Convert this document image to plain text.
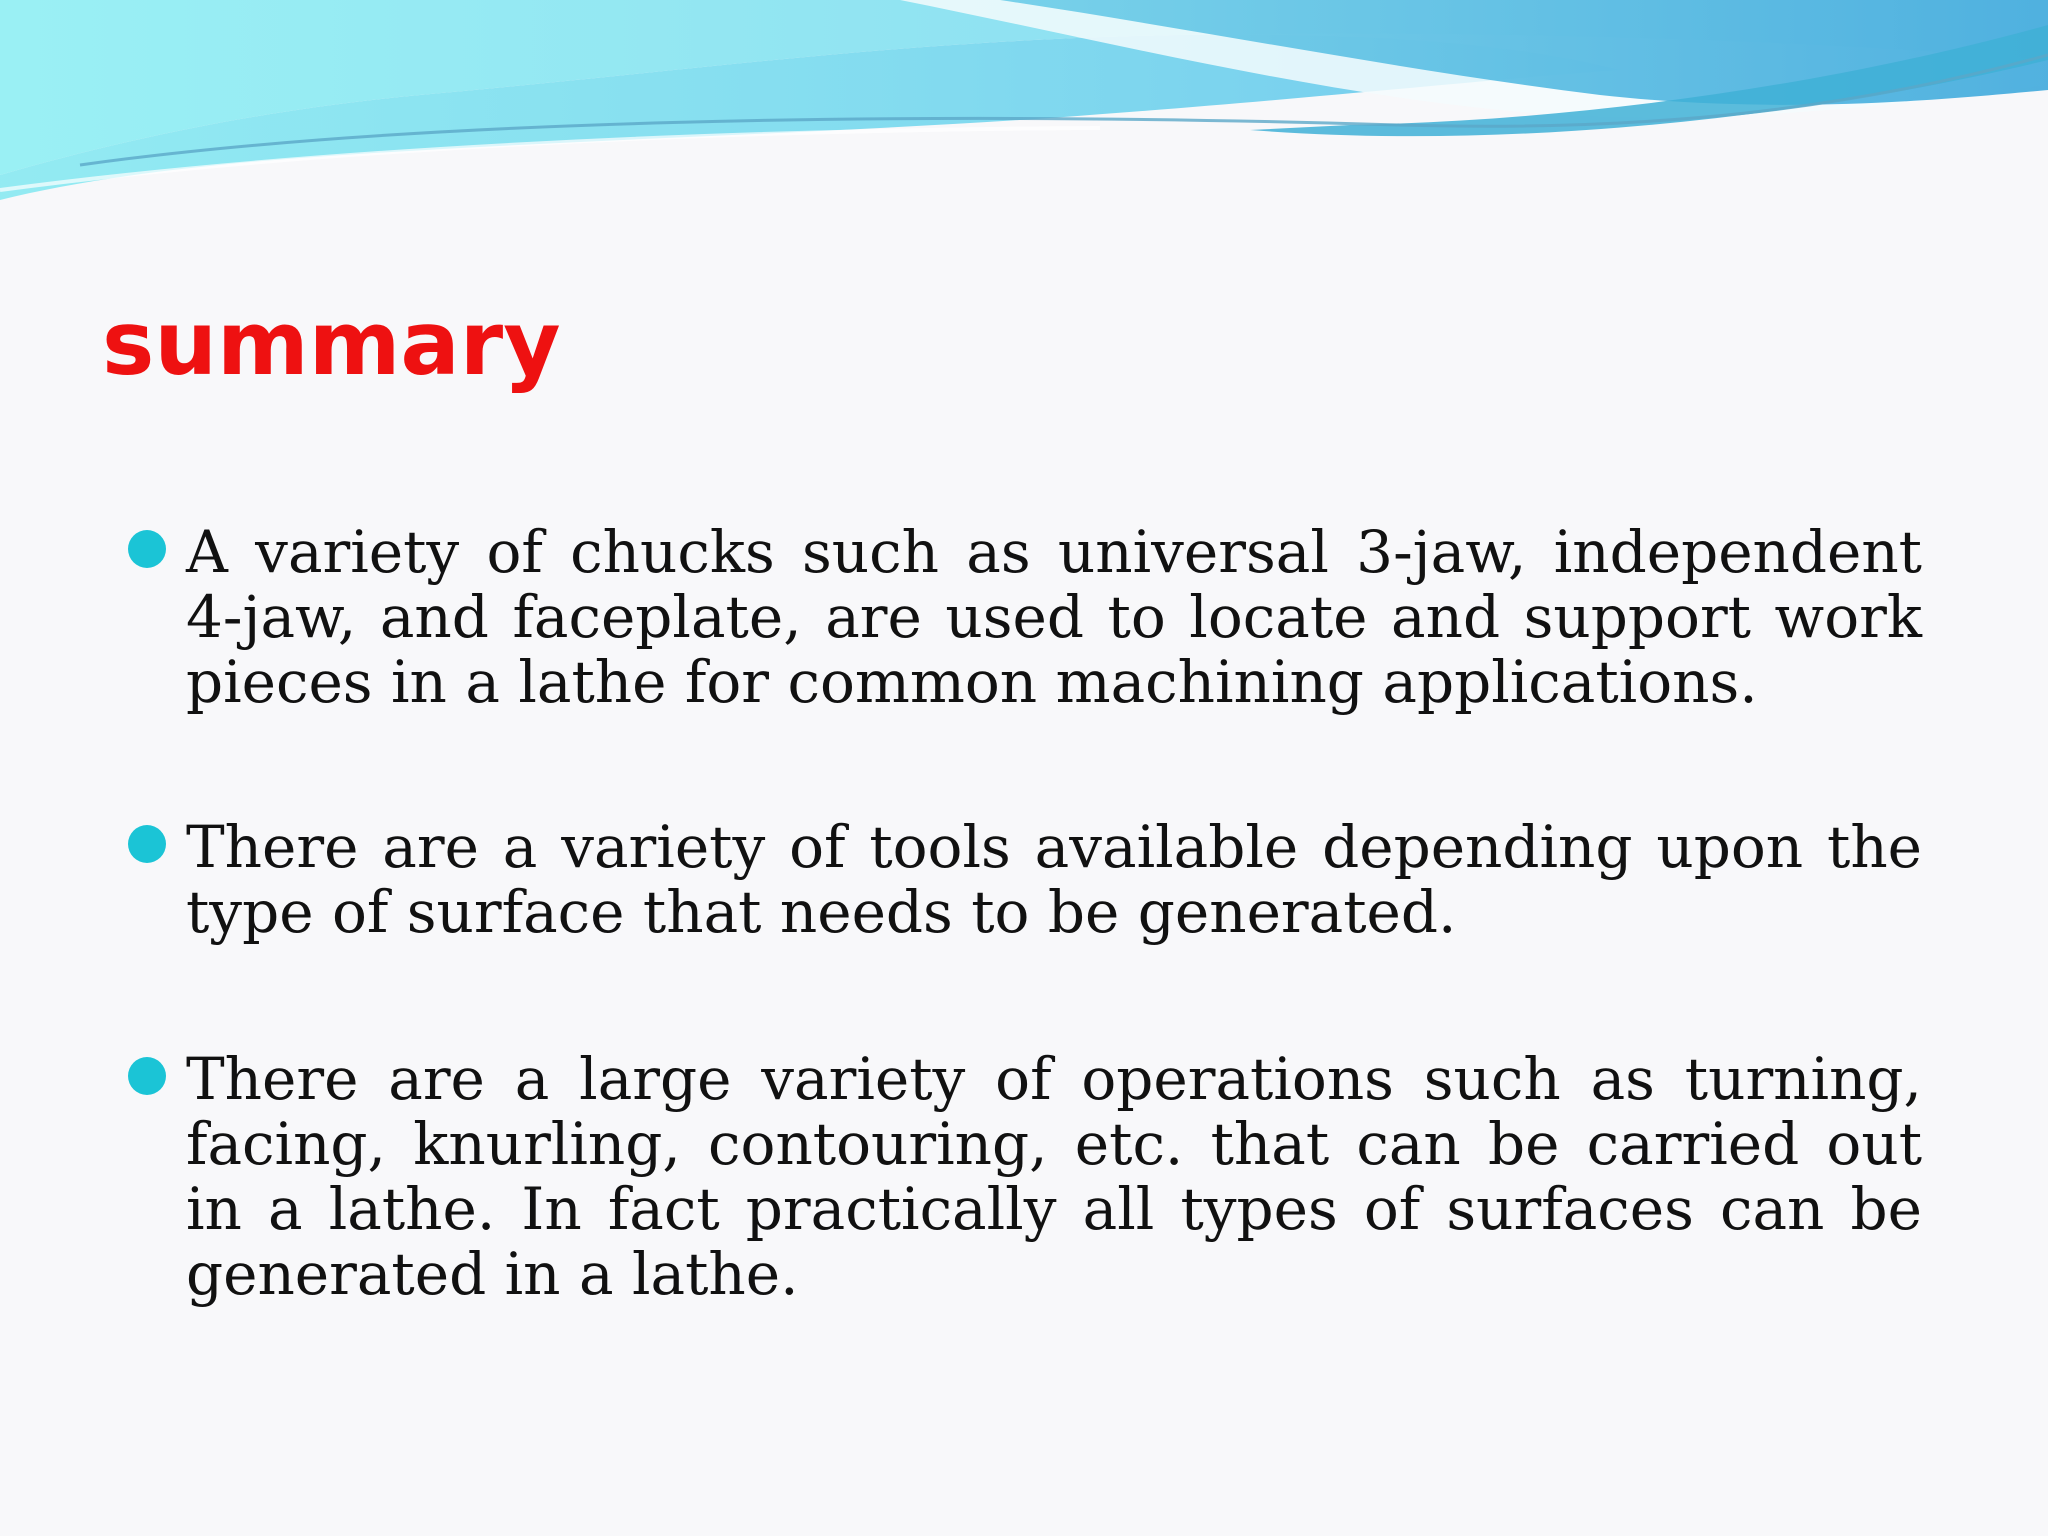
summary

A variety of chucks such as universal 3-jaw, independent 4-jaw, and faceplate, are used to locate and support work pieces in a lathe for common machining applications.

There are a variety of tools available depending upon the type of surface that needs to be generated.

There are a large variety of operations such as turning, facing, knurling, contouring, etc. that can be carried out in a lathe. In fact practically all types of surfaces can be generated in a lathe.
